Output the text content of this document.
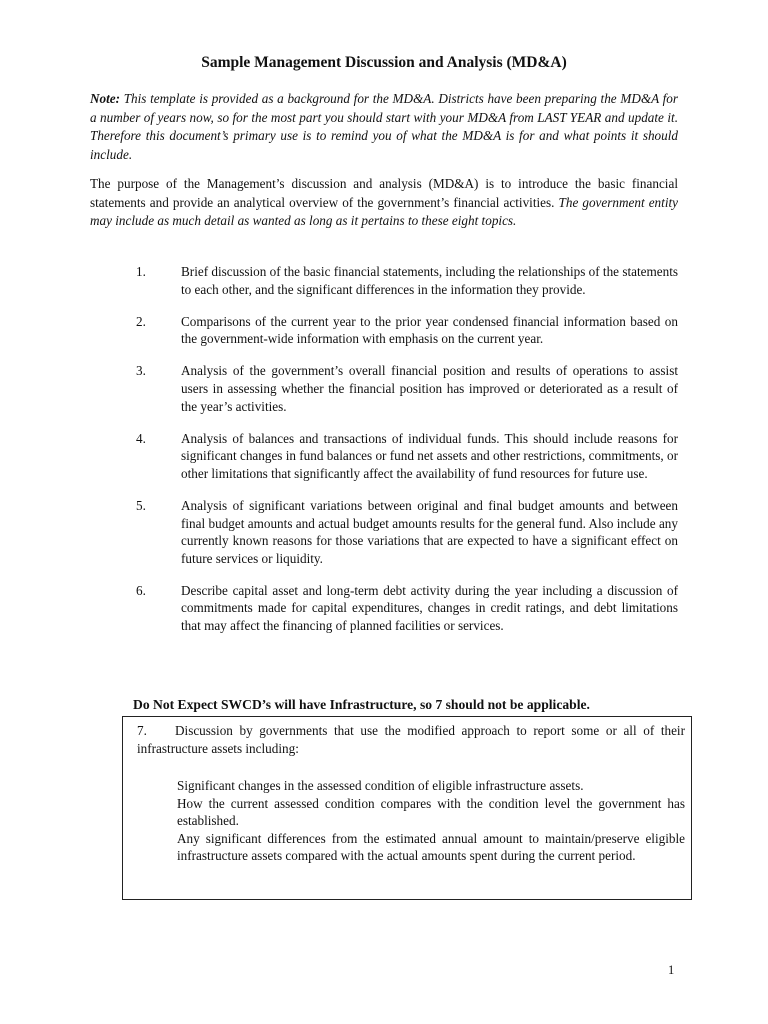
Sample Management Discussion and Analysis (MD&A)
Note: This template is provided as a background for the MD&A. Districts have been preparing the MD&A for a number of years now, so for the most part you should start with your MD&A from LAST YEAR and update it. Therefore this document’s primary use is to remind you of what the MD&A is for and what points it should include.
The purpose of the Management’s discussion and analysis (MD&A) is to introduce the basic financial statements and provide an analytical overview of the government’s financial activities. The government entity may include as much detail as wanted as long as it pertains to these eight topics.
1.	Brief discussion of the basic financial statements, including the relationships of the statements to each other, and the significant differences in the information they provide.
2.	Comparisons of the current year to the prior year condensed financial information based on the government-wide information with emphasis on the current year.
3.	Analysis of the government’s overall financial position and results of operations to assist users in assessing whether the financial position has improved or deteriorated as a result of the year’s activities.
4.	Analysis of balances and transactions of individual funds. This should include reasons for significant changes in fund balances or fund net assets and other restrictions, commitments, or other limitations that significantly affect the availability of fund resources for future use.
5.	Analysis of significant variations between original and final budget amounts and between final budget amounts and actual budget amounts results for the general fund. Also include any currently known reasons for those variations that are expected to have a significant effect on future services or liquidity.
6.	Describe capital asset and long-term debt activity during the year including a discussion of commitments made for capital expenditures, changes in credit ratings, and debt limitations that may affect the financing of planned facilities or services.
Do Not Expect SWCD’s will have Infrastructure, so 7 should not be applicable.
7. Discussion by governments that use the modified approach to report some or all of their infrastructure assets including:

Significant changes in the assessed condition of eligible infrastructure assets.

How the current assessed condition compares with the condition level the government has established.

Any significant differences from the estimated annual amount to maintain/preserve eligible infrastructure assets compared with the actual amounts spent during the current period.

1
